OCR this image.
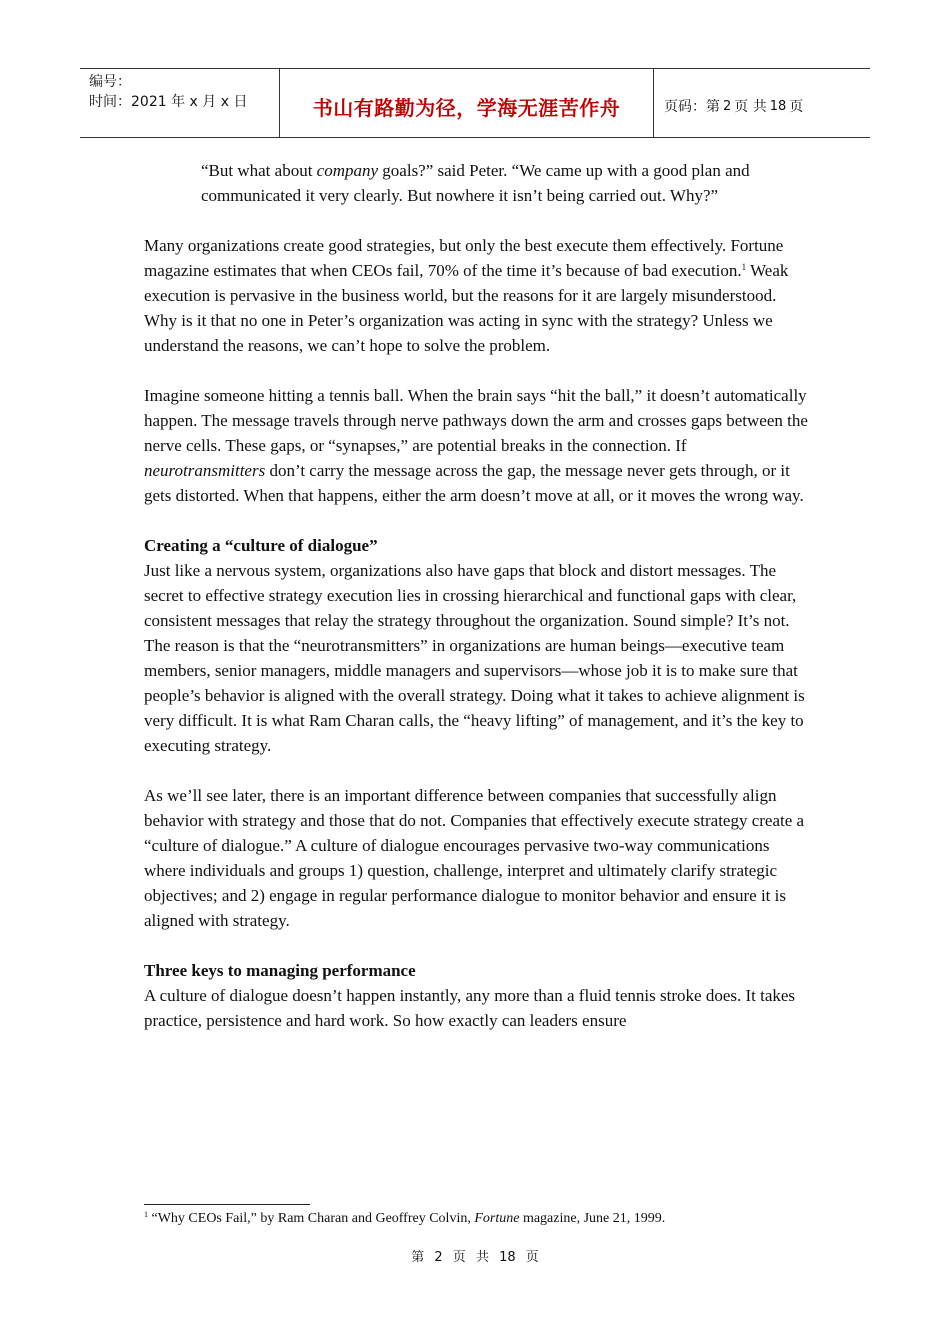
编号：
时间：2021 年 x 月 x 日	书山有路勤为径，学海无涯苦作舟	页码：第 2 页 共 18 页

“But what about company goals?” said Peter. “We came up with a good plan and communicated it very clearly. But nowhere it isn’t being carried out. Why?”

Many organizations create good strategies, but only the best execute them effectively. Fortune magazine estimates that when CEOs fail, 70% of the time it’s because of bad execution.$^1$ Weak execution is pervasive in the business world, but the reasons for it are largely misunderstood. Why is it that no one in Peter’s organization was acting in sync with the strategy? Unless we understand the reasons, we can’t hope to solve the problem.

Imagine someone hitting a tennis ball. When the brain says “hit the ball,” it doesn’t automatically happen. The message travels through nerve pathways down the arm and crosses gaps between the nerve cells. These gaps, or “synapses,” are potential breaks in the connection. If neurotransmitters don’t carry the message across the gap, the message never gets through, or it gets distorted. When that happens, either the arm doesn’t move at all, or it moves the wrong way.

Creating a “culture of dialogue”

Just like a nervous system, organizations also have gaps that block and distort messages. The secret to effective strategy execution lies in crossing hierarchical and functional gaps with clear, consistent messages that relay the strategy throughout the organization. Sound simple? It’s not. The reason is that the “neurotransmitters” in organizations are human beings—executive team members, senior managers, middle managers and supervisors—whose job it is to make sure that people’s behavior is aligned with the overall strategy. Doing what it takes to achieve alignment is very difficult. It is what Ram Charan calls, the “heavy lifting” of management, and it’s the key to executing strategy.

As we’ll see later, there is an important difference between companies that successfully align behavior with strategy and those that do not. Companies that effectively execute strategy create a “culture of dialogue.” A culture of dialogue encourages pervasive two-way communications where individuals and groups 1) question, challenge, interpret and ultimately clarify strategic objectives; and 2) engage in regular performance dialogue to monitor behavior and ensure it is aligned with strategy.

Three keys to managing performance

A culture of dialogue doesn’t happen instantly, any more than a fluid tennis stroke does. It takes practice, persistence and hard work. So how exactly can leaders ensure

$^1$ “Why CEOs Fail,” by Ram Charan and Geoffrey Colvin, Fortune magazine, June 21, 1999.
第 2 页 共 18 页
